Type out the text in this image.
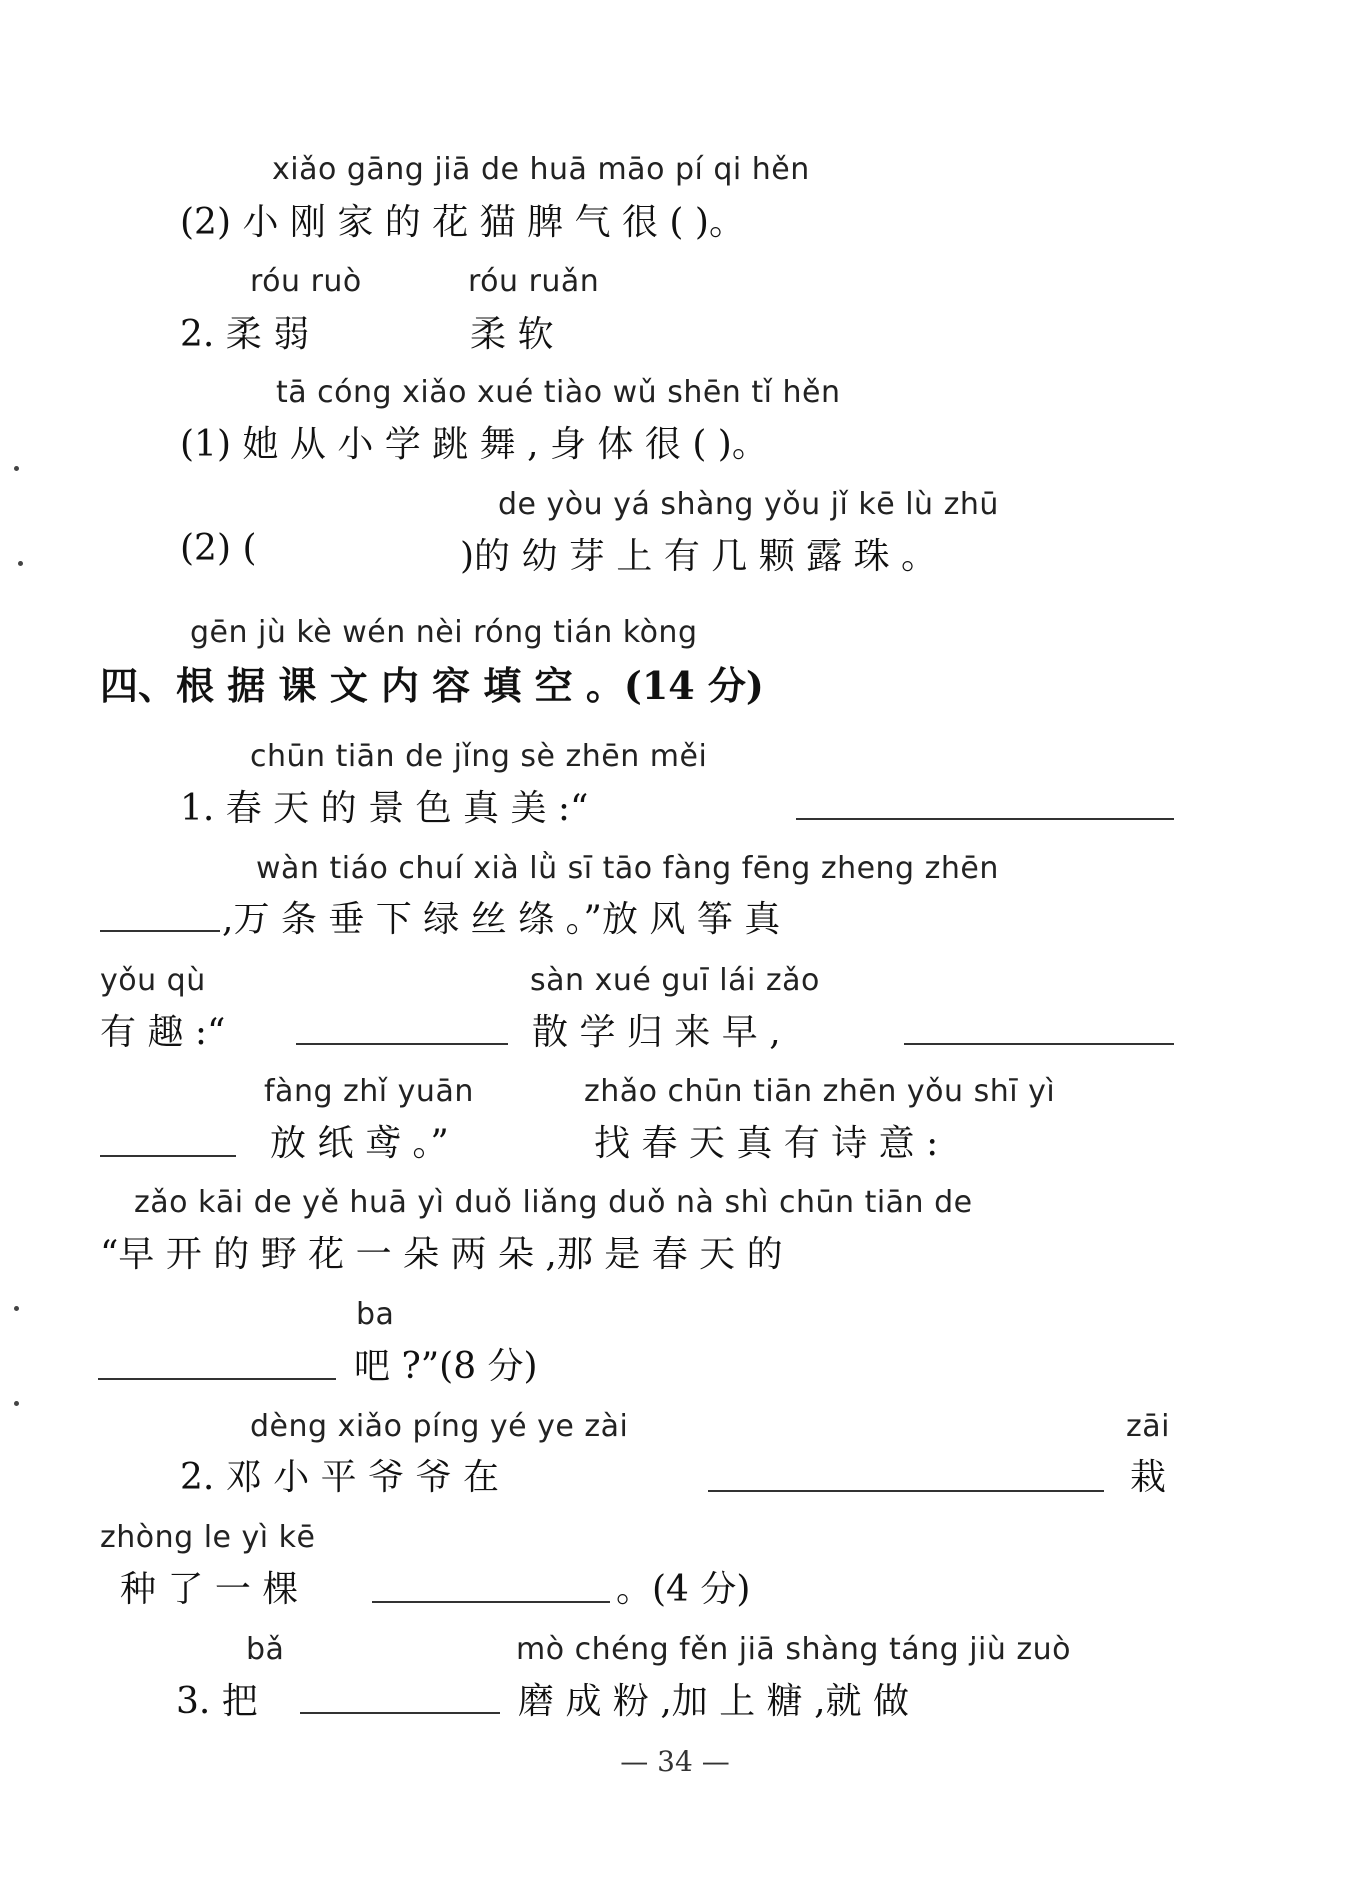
xiǎo gāng jiā de huā māo pí qi hěn
(2) 小 刚 家 的 花 猫 脾 气 很 ( )。
róu ruò	róu ruǎn
2. 柔 弱	柔 软
tā cóng xiǎo xué tiào wǔ shēn tǐ hěn
(1) 她 从 小 学 跳 舞 , 身 体 很 ( )。
de yòu yá shàng yǒu jǐ kē lù zhū
(2) (	)的 幼 芽 上 有 几 颗 露 珠 。
gēn jù kè wén nèi róng tián kòng
四、根 据 课 文 内 容 填 空 。(14 分)
chūn tiān de jǐng sè zhēn měi
1. 春 天 的 景 色 真 美 :“
wàn tiáo chuí xià lǜ sī tāo fàng fēng zheng zhēn
,万 条 垂 下 绿 丝 绦 。”放 风 筝 真
yǒu qù	sàn xué guī lái zǎo
有 趣 :“	散 学 归 来 早 ,
fàng zhǐ yuān	zhǎo chūn tiān zhēn yǒu shī yì
放 纸 鸢 。”	找 春 天 真 有 诗 意 :
zǎo kāi de yě huā yì duǒ liǎng duǒ nà shì chūn tiān de
“早 开 的 野 花 一 朵 两 朵 ,那 是 春 天 的
ba
吧 ?”(8 分)
dèng xiǎo píng yé ye zài	zāi
2. 邓 小 平 爷 爷 在	栽
zhòng le yì kē
种 了 一 棵	。(4 分)
bǎ	mò chéng fěn jiā shàng táng jiù zuò
3. 把	磨 成 粉 ,加 上 糖 ,就 做
— 34 —
